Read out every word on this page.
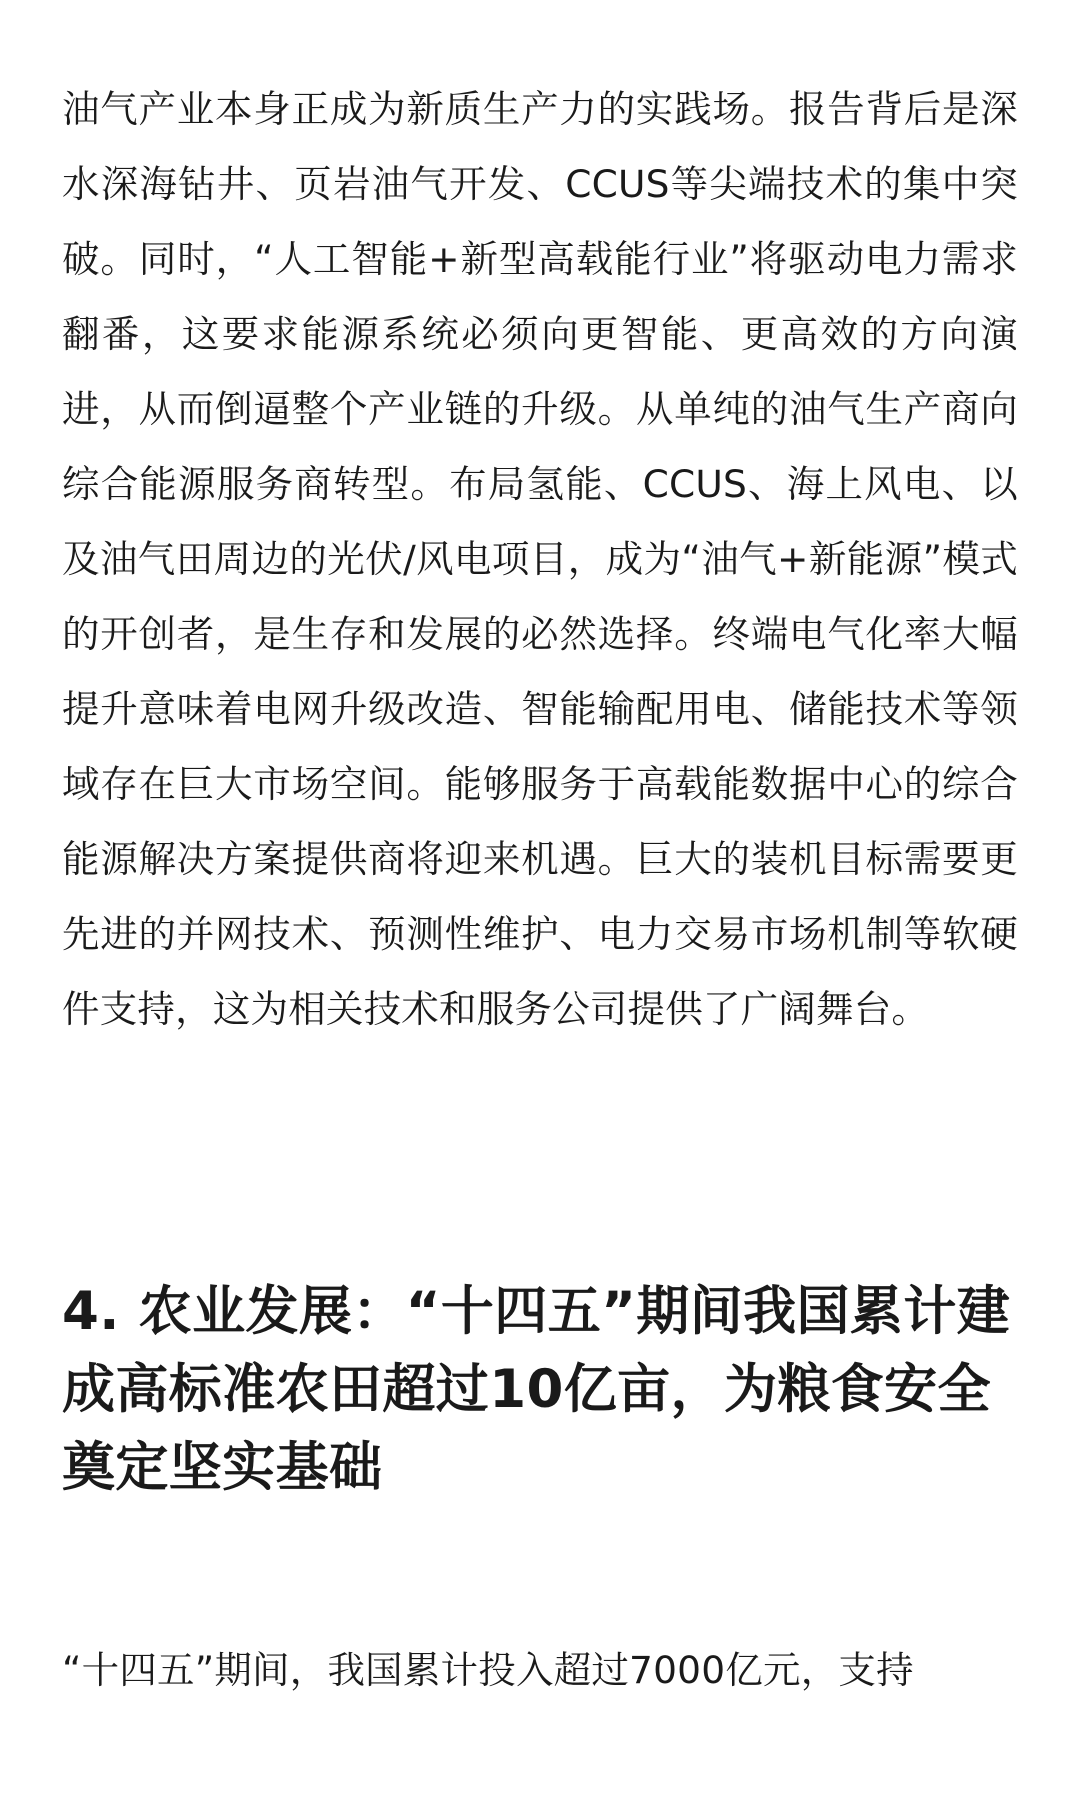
油气产业本身正成为新质生产力的实践场。报告背后是深水深海钻井、页岩油气开发、CCUS等尖端技术的集中突破。同时，“人工智能+新型高载能行业”将驱动电力需求翻番，这要求能源系统必须向更智能、更高效的方向演进，从而倒逼整个产业链的升级。从单纯的油气生产商向综合能源服务商转型。布局氢能、CCUS、海上风电、以及油气田周边的光伏/风电项目，成为“油气+新能源”模式的开创者，是生存和发展的必然选择。终端电气化率大幅提升意味着电网升级改造、智能输配用电、储能技术等领域存在巨大市场空间。能够服务于高载能数据中心的综合能源解决方案提供商将迎来机遇。巨大的装机目标需要更先进的并网技术、预测性维护、电力交易市场机制等软硬件支持，这为相关技术和服务公司提供了广阔舞台。

4. 农业发展：“十四五”期间我国累计建成高标准农田超过10亿亩，为粮食安全奠定坚实基础

“十四五”期间，我国累计投入超过7000亿元，支持
